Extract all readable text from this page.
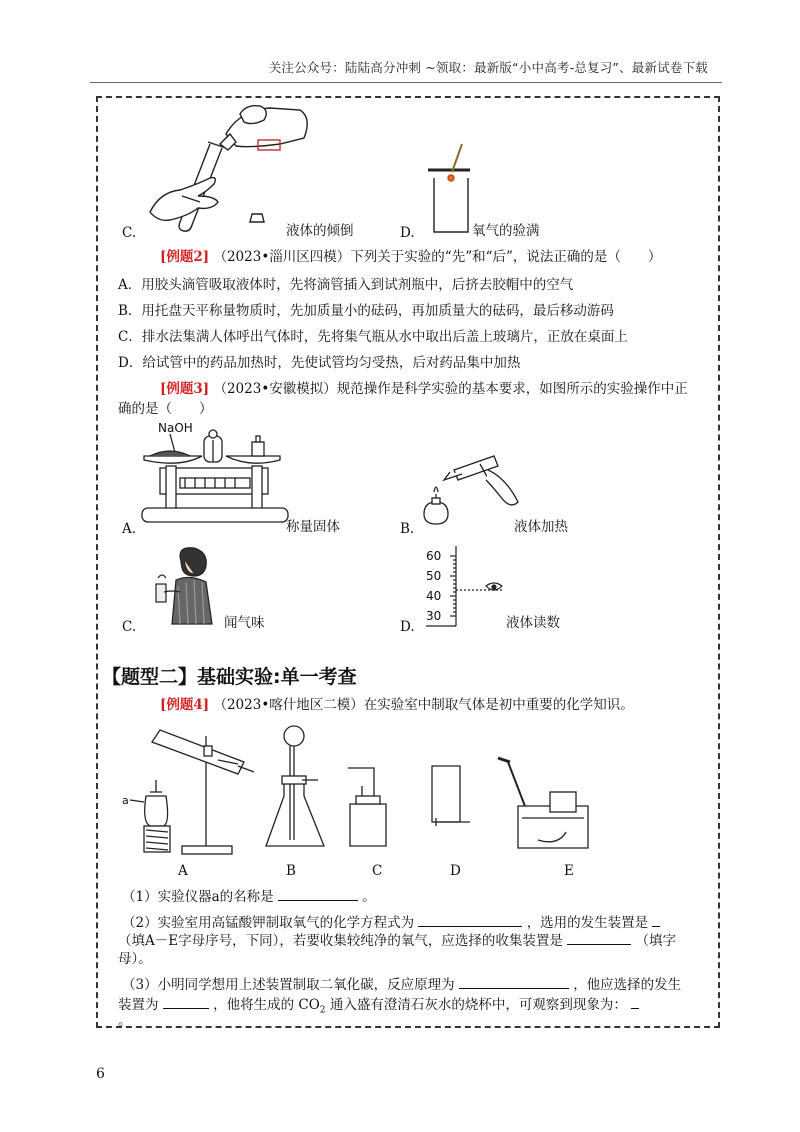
关注公众号：陆陆高分冲刺 ~领取：最新版“小中高考-总复习”、最新试卷下载
C.	液体的倾倒	D.	氧气的验满
[例题2] （2023•淄川区四模）下列关于实验的“先”和“后”，说法正确的是（　　）
A．用胶头滴管吸取液体时，先将滴管插入到试剂瓶中，后挤去胶帽中的空气
B．用托盘天平称量物质时，先加质量小的砝码，再加质量大的砝码，最后移动游码
C．排水法集满人体呼出气体时，先将集气瓶从水中取出后盖上玻璃片，正放在桌面上
D．给试管中的药品加热时，先使试管均匀受热，后对药品集中加热
[例题3] （2023•安徽模拟）规范操作是科学实验的基本要求，如图所示的实验操作中正
确的是（　　）
NaOH
A.	称量固体	B.	液体加热
C.	闻气味
60
50
40
30
D.	液体读数
【题型二】基础实验:单一考查
[例题4] （2023•喀什地区二模）在实验室中制取气体是初中重要的化学知识。
a
A	B	C	D	E
（1）实验仪器a的名称是	。
（2）实验室用高锰酸钾制取氧气的化学方程式为	，选用的发生装置是
（填A－E字母序号，下同），若要收集较纯净的氧气，应选择的收集装置是	（填字
母）。
（3）小明同学想用上述装置制取二氧化碳，反应原理为	，他应选择的发生
装置为	，他将生成的 $CO_2$ 通入盛有澄清石灰水的烧杯中，可观察到现象为：
。
6
